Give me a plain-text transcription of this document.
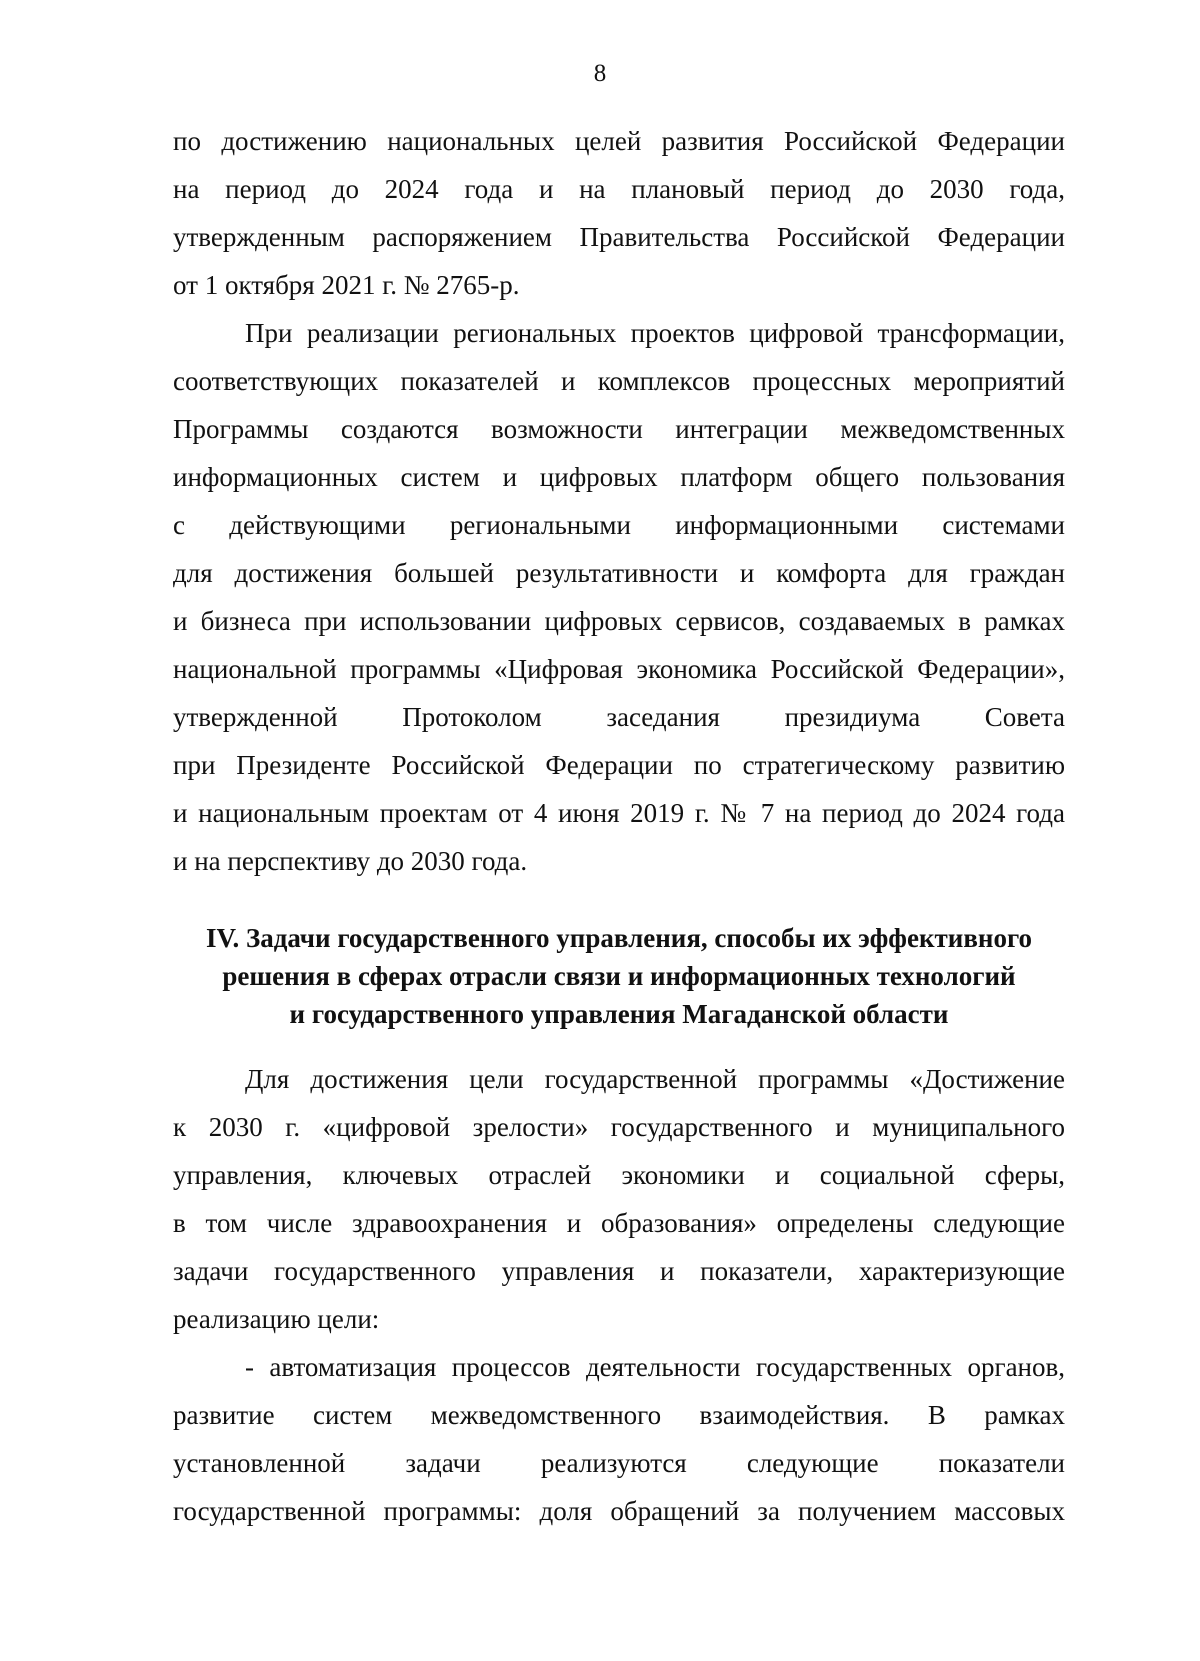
8
по достижению национальных целей развития Российской Федерации
на период до 2024 года и на плановый период до 2030 года,
утвержденным распоряжением Правительства Российской Федерации
от 1 октября 2021 г. № 2765-р.
При реализации региональных проектов цифровой трансформации,
соответствующих показателей и комплексов процессных мероприятий
Программы создаются возможности интеграции межведомственных
информационных систем и цифровых платформ общего пользования
с действующими региональными информационными системами
для достижения большей результативности и комфорта для граждан
и бизнеса при использовании цифровых сервисов, создаваемых в рамках
национальной программы «Цифровая экономика Российской Федерации»,
утвержденной Протоколом заседания президиума Совета
при Президенте Российской Федерации по стратегическому развитию
и национальным проектам от 4 июня 2019 г. № 7 на период до 2024 года
и на перспективу до 2030 года.
IV. Задачи государственного управления, способы их эффективного
решения в сферах отрасли связи и информационных технологий
и государственного управления Магаданской области
Для достижения цели государственной программы «Достижение
к 2030 г. «цифровой зрелости» государственного и муниципального
управления, ключевых отраслей экономики и социальной сферы,
в том числе здравоохранения и образования» определены следующие
задачи государственного управления и показатели, характеризующие
реализацию цели:
- автоматизация процессов деятельности государственных органов,
развитие систем межведомственного взаимодействия. В рамках
установленной задачи реализуются следующие показатели
государственной программы: доля обращений за получением массовых
